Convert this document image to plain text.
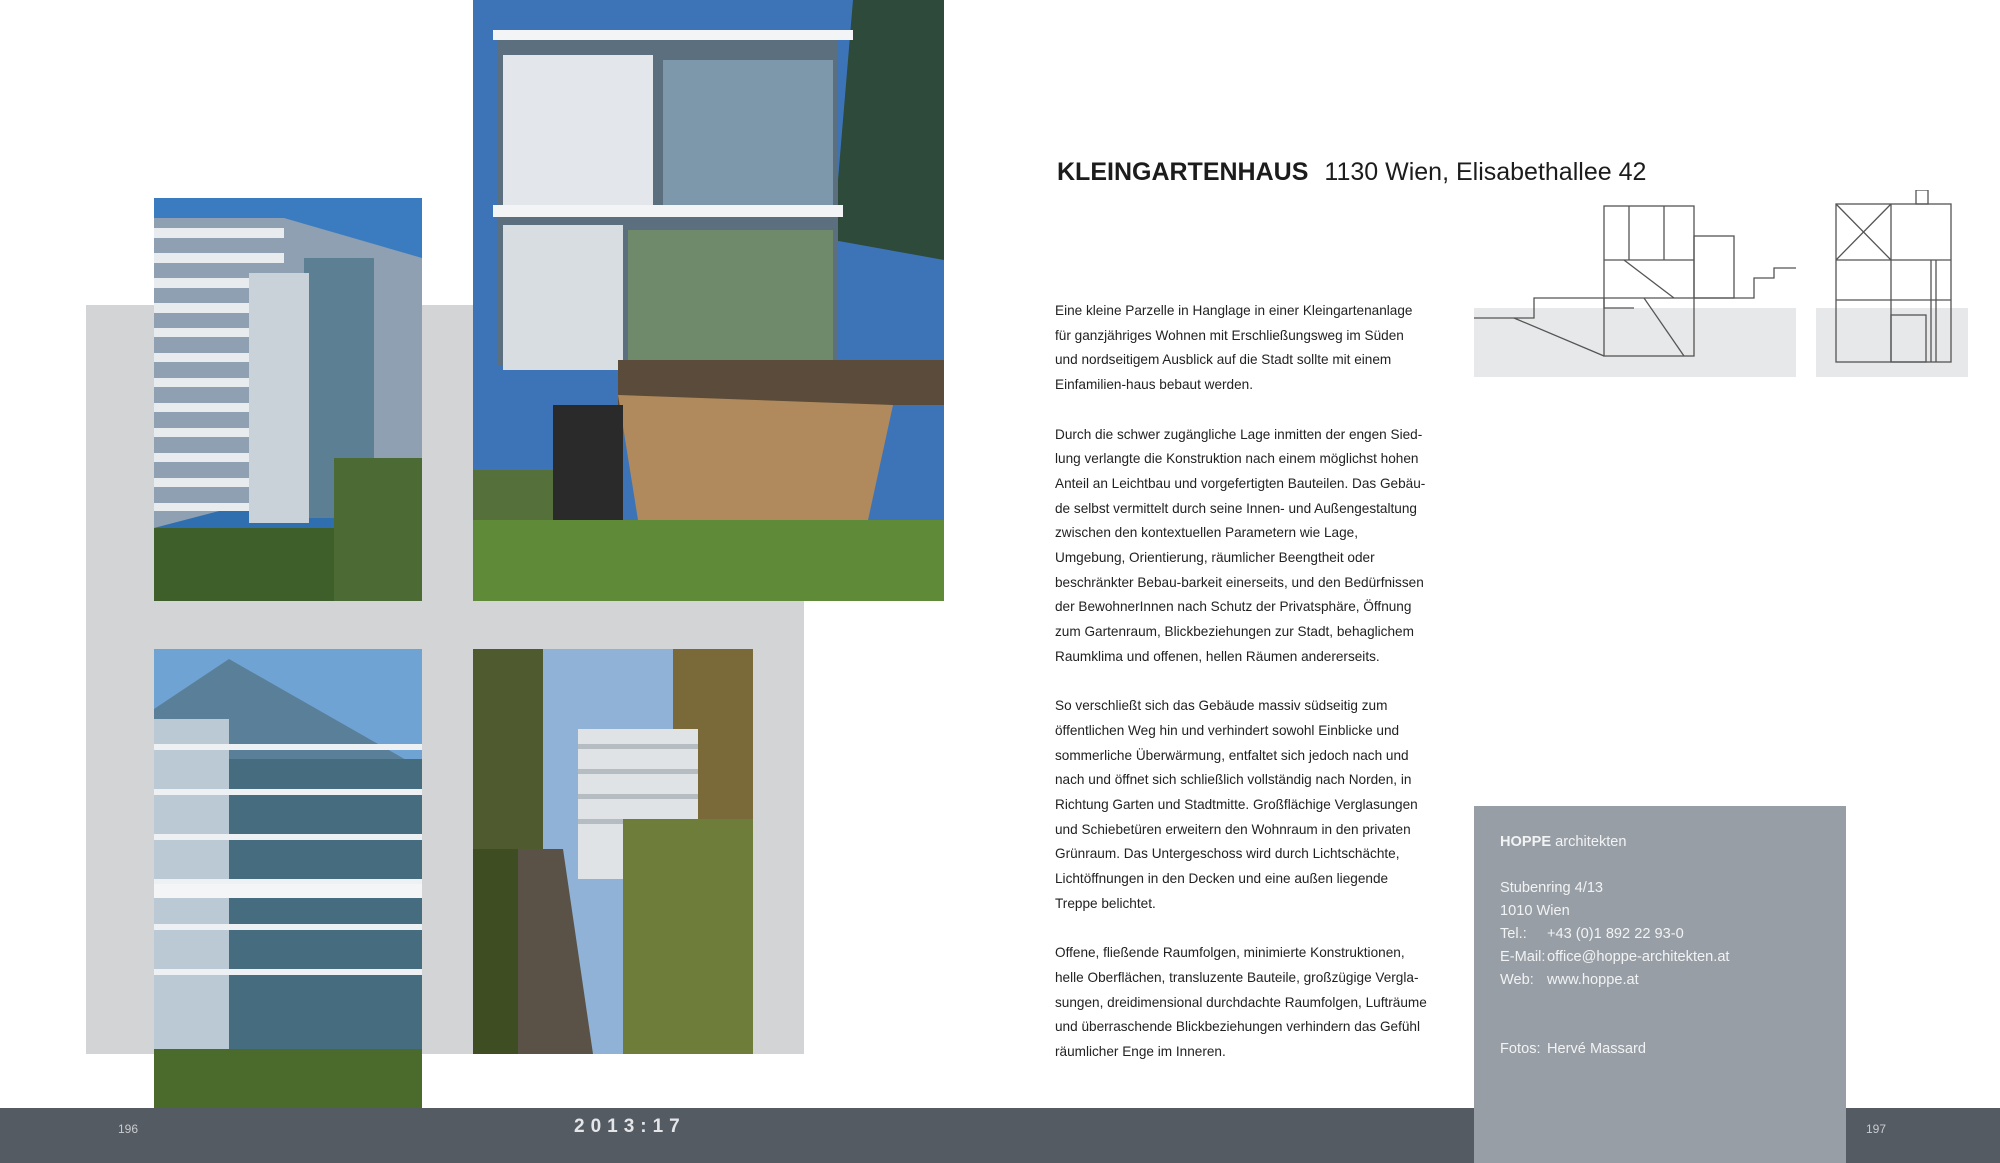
KLEINGARTENHAUS 1130 Wien, Elisabethallee 42

Eine kleine Parzelle in Hanglage in einer Kleingartenanlage für ganzjähriges Wohnen mit Erschließungsweg im Süden und nordseitigem Ausblick auf die Stadt sollte mit einem Einfamilien-haus bebaut werden.

Durch die schwer zugängliche Lage inmitten der engen Sied-lung verlangte die Konstruktion nach einem möglichst hohen Anteil an Leichtbau und vorgefertigten Bauteilen. Das Gebäu-de selbst vermittelt durch seine Innen- und Außengestaltung zwischen den kontextuellen Parametern wie Lage, Umgebung, Orientierung, räumlicher Beengtheit oder beschränkter Bebau-barkeit einerseits, und den Bedürfnissen der BewohnerInnen nach Schutz der Privatsphäre, Öffnung zum Gartenraum, Blickbeziehungen zur Stadt, behaglichem Raumklima und offenen, hellen Räumen andererseits.

So verschließt sich das Gebäude massiv südseitig zum öffentlichen Weg hin und verhindert sowohl Einblicke und sommerliche Überwärmung, entfaltet sich jedoch nach und nach und öffnet sich schließlich vollständig nach Norden, in Richtung Garten und Stadtmitte. Großflächige Verglasungen und Schiebetüren erweitern den Wohnraum in den privaten Grünraum. Das Untergeschoss wird durch Lichtschächte, Lichtöffnungen in den Decken und eine außen liegende Treppe belichtet.

Offene, fließende Raumfolgen, minimierte Konstruktionen, helle Oberflächen, transluzente Bauteile, großzügige Vergla-sungen, dreidimensional durchdachte Raumfolgen, Lufträume und überraschende Blickbeziehungen verhindern das Gefühl räumlicher Enge im Inneren.

196	2013:17	197
HOPPE architekten
Stubenring 4/13
1010 Wien
Tel.: +43 (0)1 892 22 93-0
E-Mail: office@hoppe-architekten.at
Web: www.hoppe.at
Fotos: Hervé Massard
